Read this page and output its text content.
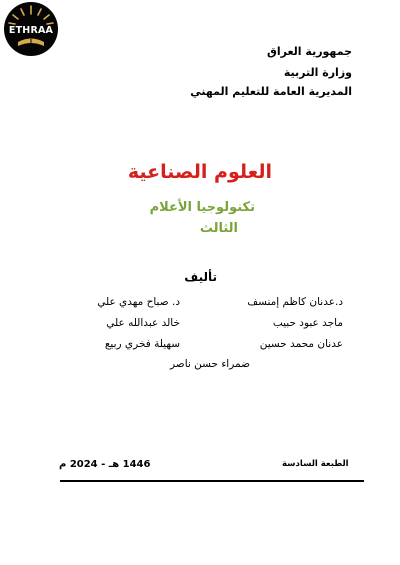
ETHRAA
جمهورية العراق
وزارة التربية
المديرية العامة للتعليم المهني
العلوم الصناعية
تكنولوجيا الأعلام
الثالث
تأليف
د.عدنان كاظم إمنسف
د. صباح مهدي علي
ماجد عبود حبيب
خالد عبدالله علي
عدنان محمد حسين
سهيلة فخري ربيع
ضمراء حسن ناصر
الطبعة السادسة
1446 هـ - 2024 م
